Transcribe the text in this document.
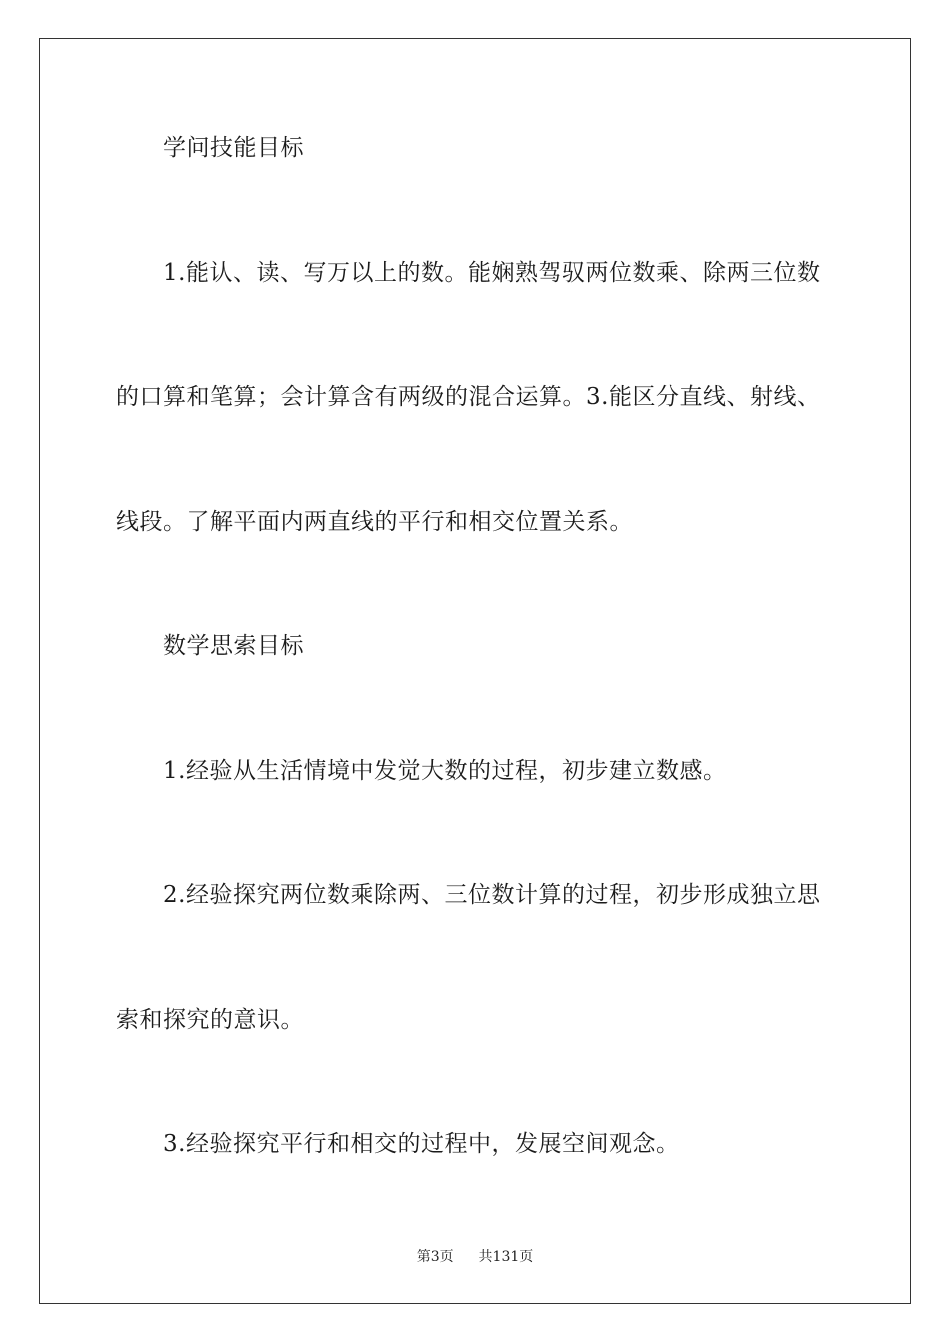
学问技能目标
1.能认、读、写万以上的数。能娴熟驾驭两位数乘、除两三位数
的口算和笔算；会计算含有两级的混合运算。3.能区分直线、射线、
线段。了解平面内两直线的平行和相交位置关系。
数学思索目标
1.经验从生活情境中发觉大数的过程，初步建立数感。
2.经验探究两位数乘除两、三位数计算的过程，初步形成独立思
索和探究的意识。
3.经验探究平行和相交的过程中，发展空间观念。
第3页 共131页
